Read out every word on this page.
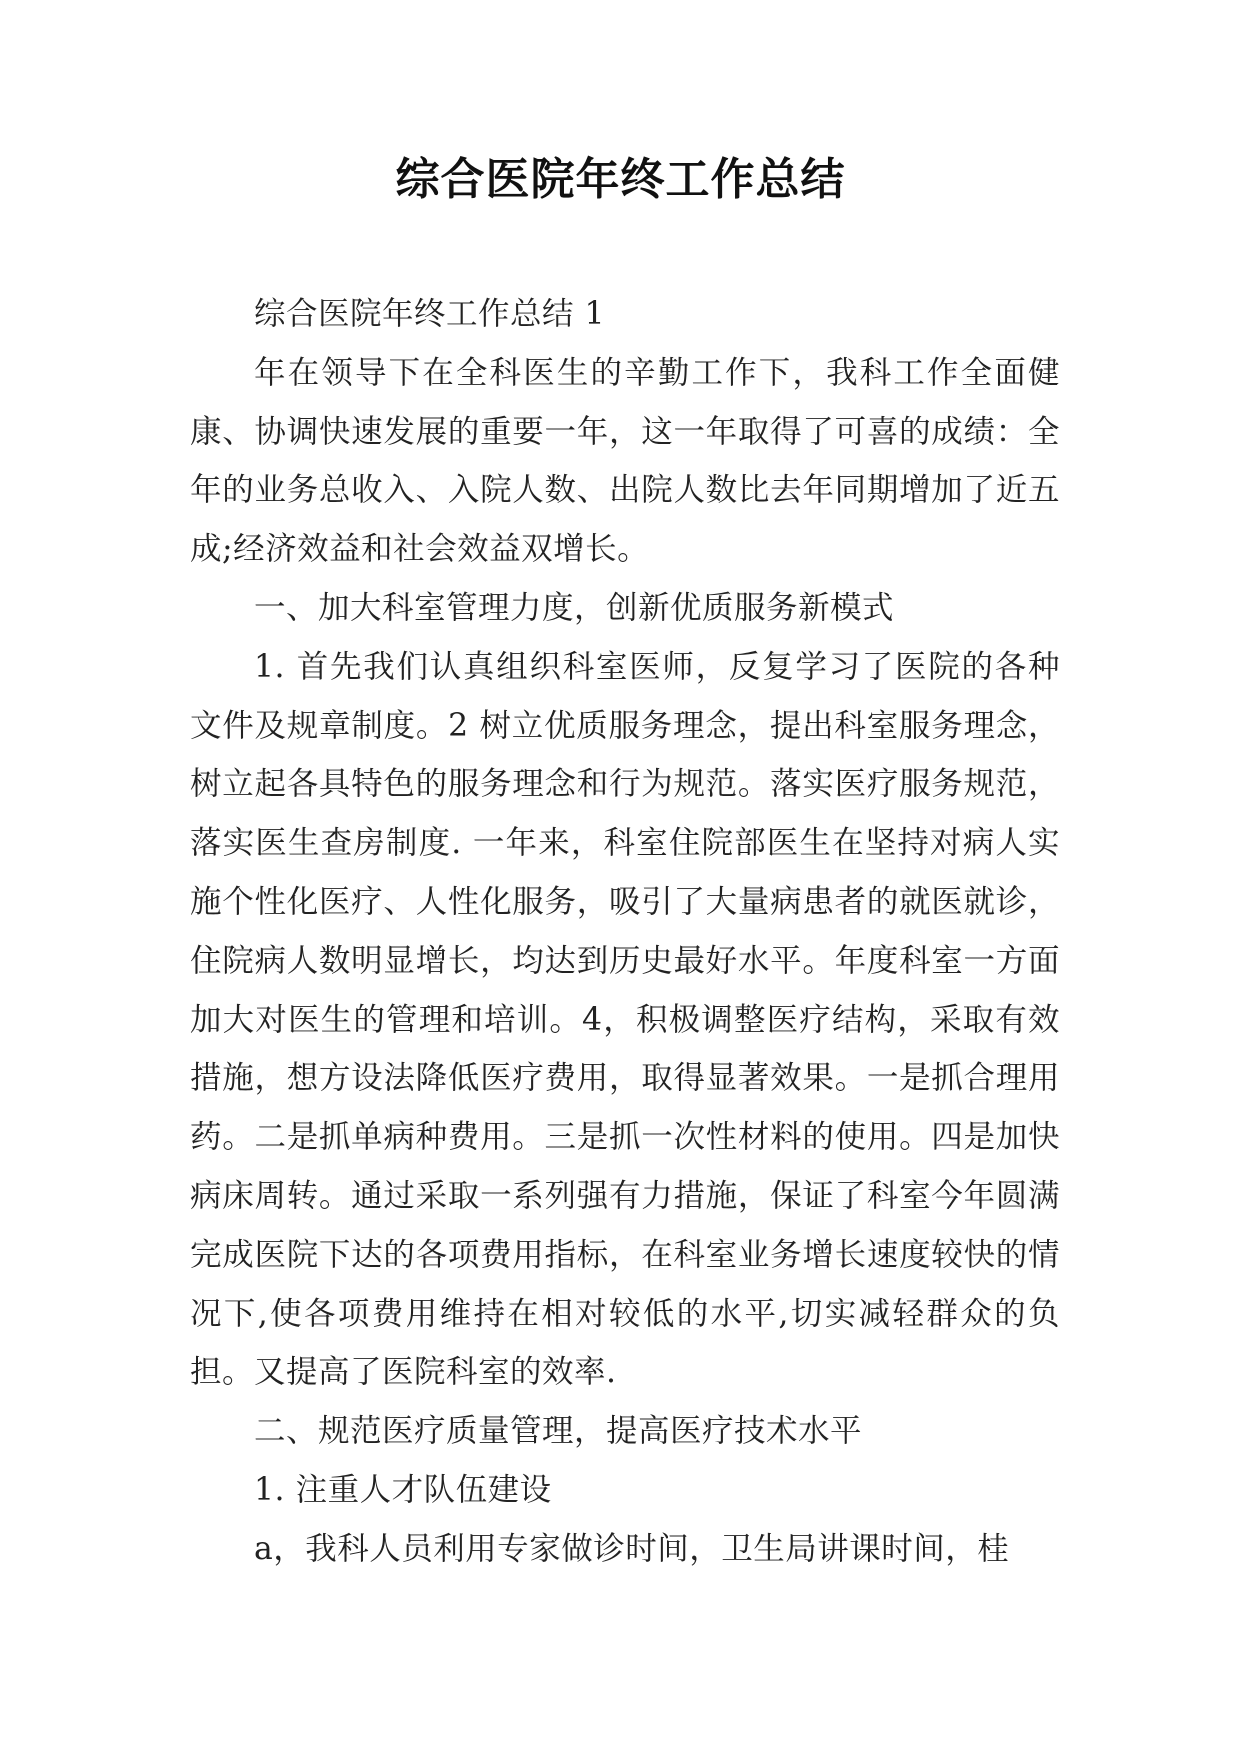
综合医院年终工作总结

综合医院年终工作总结 1

年在领导下在全科医生的辛勤工作下，我科工作全面健康、协调快速发展的重要一年，这一年取得了可喜的成绩：全年的业务总收入、入院人数、出院人数比去年同期增加了近五成;经济效益和社会效益双增长。

一、加大科室管理力度，创新优质服务新模式

1. 首先我们认真组织科室医师，反复学习了医院的各种文件及规章制度。2 树立优质服务理念，提出科室服务理念，树立起各具特色的服务理念和行为规范。落实医疗服务规范，落实医生查房制度. 一年来，科室住院部医生在坚持对病人实施个性化医疗、人性化服务，吸引了大量病患者的就医就诊，住院病人数明显增长，均达到历史最好水平。年度科室一方面加大对医生的管理和培训。4，积极调整医疗结构，采取有效措施，想方设法降低医疗费用，取得显著效果。一是抓合理用药。二是抓单病种费用。三是抓一次性材料的使用。四是加快病床周转。通过采取一系列强有力措施，保证了科室今年圆满完成医院下达的各项费用指标，在科室业务增长速度较快的情况下,使各项费用维持在相对较低的水平,切实减轻群众的负担。又提高了医院科室的效率.

二、规范医疗质量管理，提高医疗技术水平

1. 注重人才队伍建设

a，我科人员利用专家做诊时间，卫生局讲课时间，桂
